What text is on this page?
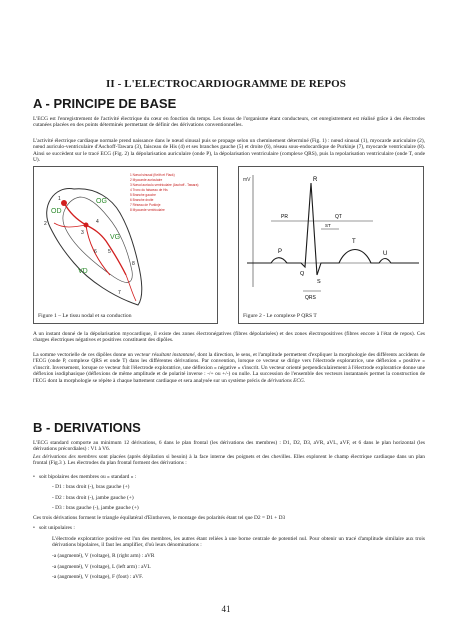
II - L'ELECTROCARDIOGRAMME DE REPOS
A - PRINCIPE DE BASE
L'ECG est l'enregistrement de l'activité électrique du cœur en fonction du temps. Les tissus de l'organisme étant conducteurs, cet enregistrement est réalisé grâce à des électrodes cutanées placées en des points déterminés permettant de définir des dérivations conventionnelles.
L'activité électrique cardiaque normale prend naissance dans le nœud sinusal puis se propage selon un cheminement déterminé (Fig. 1) : nœud sinusal (1), myocarde auriculaire (2), nœud auriculo-ventriculaire d'Aschoff-Tawara (3), faisceau de His (4) et ses branches gauche (5) et droite (6), réseau sous-endocardique de Purkinje (7), myocarde ventriculaire (8). Ainsi se succèdent sur le tracé ECG (Fig. 2) la dépolarisation auriculaire (onde P), la dépolarisation ventriculaire (complexe QRS), puis la repolarisation ventriculaire (onde T, onde U).
OD
OG
VD
VG
1
2
3
4
5
6
7
8
1 Nœud sinusal (Keith et Flack)
2 Myocarde auriculaire
3 Nœud auriculo-ventriculaire (Aschoff - Tawara)
4 Tronc du faisceau de His
5 Branche gauche
6 Branche droite
7 Réseau de Purkinje
8 Myocarde ventriculaire
Figure 1 – Le tissu nodal et sa conduction
mV	R
P
T
U
Q
S
PR	QT
ST
QRS
Figure 2 - Le complexe P QRS T
A un instant donné de la dépolarisation myocardique, il existe des zones électronégatives (fibres dépolarisées) et des zones électropositives (fibres encore à l'état de repos). Ces charges électriques négatives et positives constituent des dipôles.
La somme vectorielle de ces dipôles donne un vecteur résultant instantané, dont la direction, le sens, et l'amplitude permettent d'expliquer la morphologie des différents accidents de l'ECG (onde P, complexe QRS et onde T) dans les différentes dérivations. Par convention, lorsque ce vecteur se dirige vers l'électrode exploratrice, une déflexion « positive » s'inscrit. Inversement, lorsque ce vecteur fuit l'électrode exploratrice, une déflexion « négative » s'inscrit. Un vecteur orienté perpendiculairement à l'électrode exploratrice donne une déflexion isodiphasique (déflexions de même amplitude et de polarité inverse : -/+ ou +/-) ou nulle. La succession de l'ensemble des vecteurs instantanés permet la construction de l'ECG dont la morphologie se répète à chaque battement cardiaque et sera analysée sur un système précis de dérivations ECG.
B - DERIVATIONS
L'ECG standard comporte au minimum 12 dérivations, 6 dans le plan frontal (les dérivations des membres) : D1, D2, D3, aVR, aVL, aVF, et 6 dans le plan horizontal (les dérivations précordiales) : V1 à V6.
Les dérivations des membres sont placées (après dépilation si besoin) à la face interne des poignets et des chevilles. Elles explorent le champ électrique cardiaque dans un plan frontal (Fig.3 ). Les électrodes du plan frontal forment des dérivations :
•   soit bipolaires des membres ou « standard » :
- D1 : bras droit (-), bras gauche (+)
- D2 : bras droit (-), jambe gauche (+)
- D3 : bras gauche (-), jambe gauche (+)
Ces trois dérivations forment le triangle équilatéral d'Einthoven, le montage des polarités étant tel que D2 = D1 + D3
•   soit unipolaires :
L'électrode exploratrice positive est l'un des membres, les autres étant reliées à une borne centrale de potentiel nul. Pour obtenir un tracé d'amplitude similaire aux trois dérivations bipolaires, il faut les amplifier, d'où leurs dénominations :
-a (augmenté), V (voltage), R (right arm) : aVR
-a (augmenté), V (voltage), L (left arm) : aVL
-a (augmenté), V (voltage), F (foot) : aVF.
41
